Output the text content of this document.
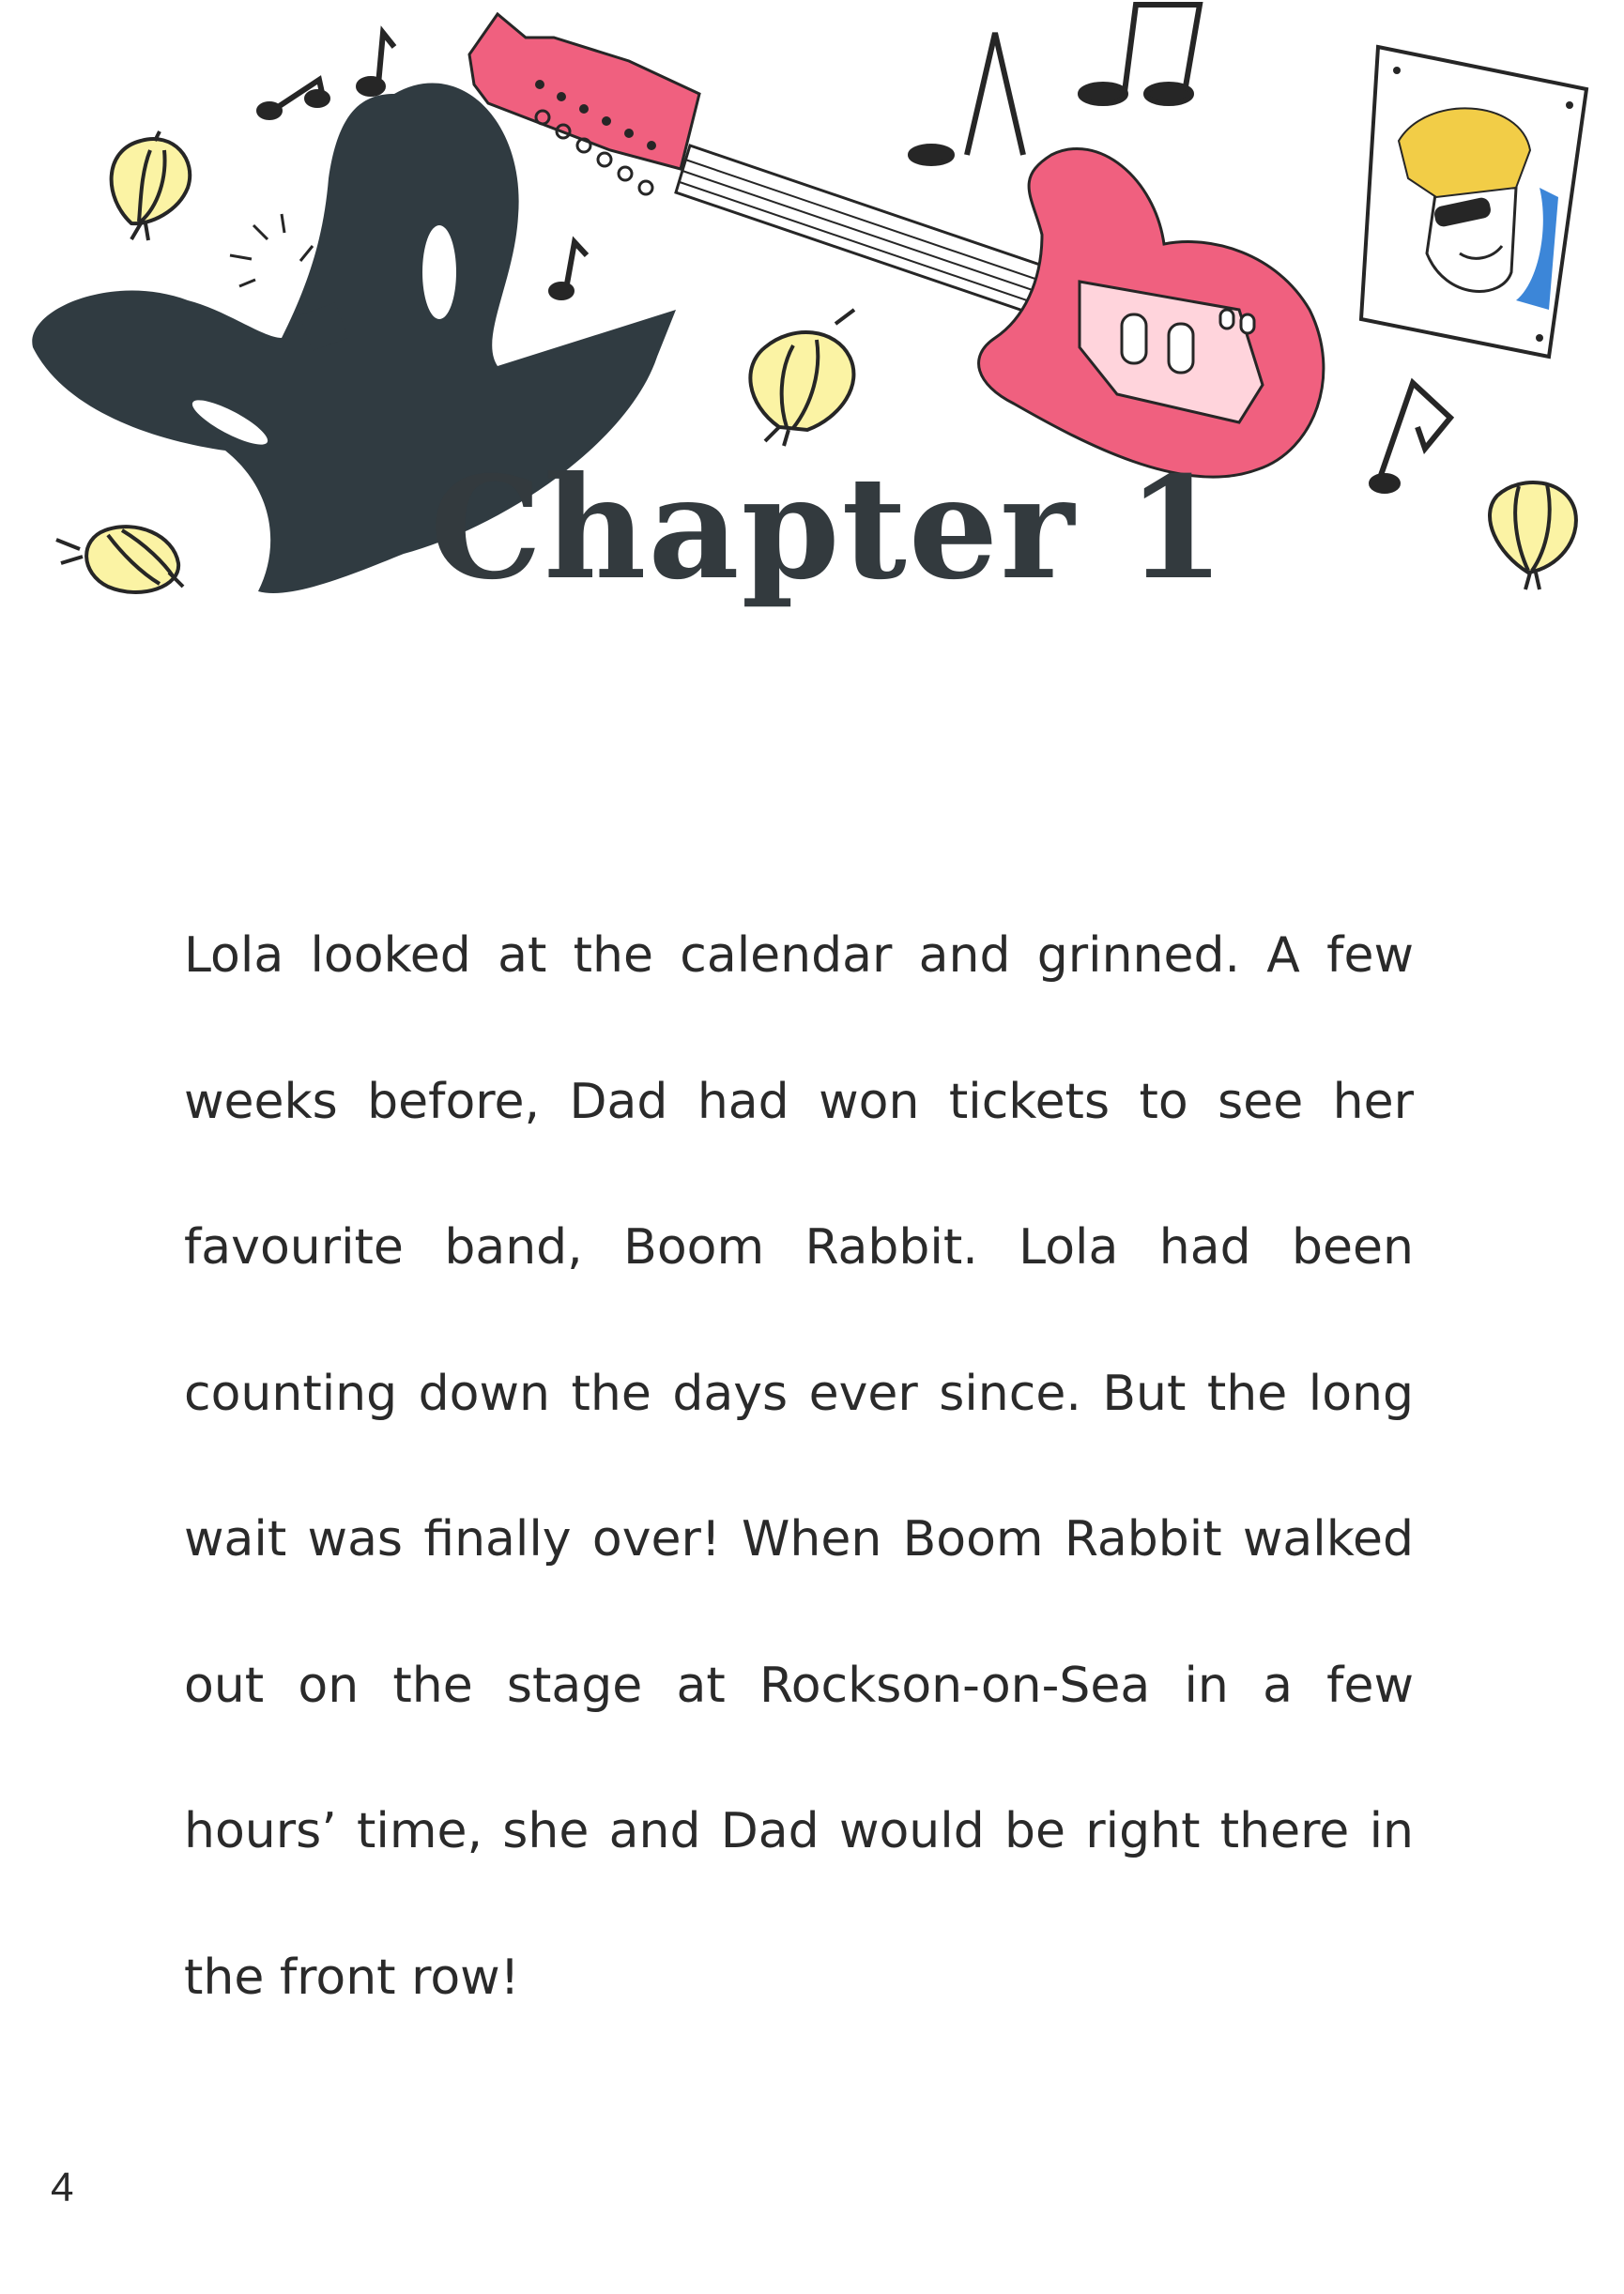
Chapter 1
Lola looked at the calendar and grinned. A few
weeks before, Dad had won tickets to see her
favourite band, Boom Rabbit. Lola had been
counting down the days ever since. But the long
wait was finally over! When Boom Rabbit walked
out on the stage at Rockson-on-Sea in a few
hours’ time, she and Dad would be right there in
the front row!
4
